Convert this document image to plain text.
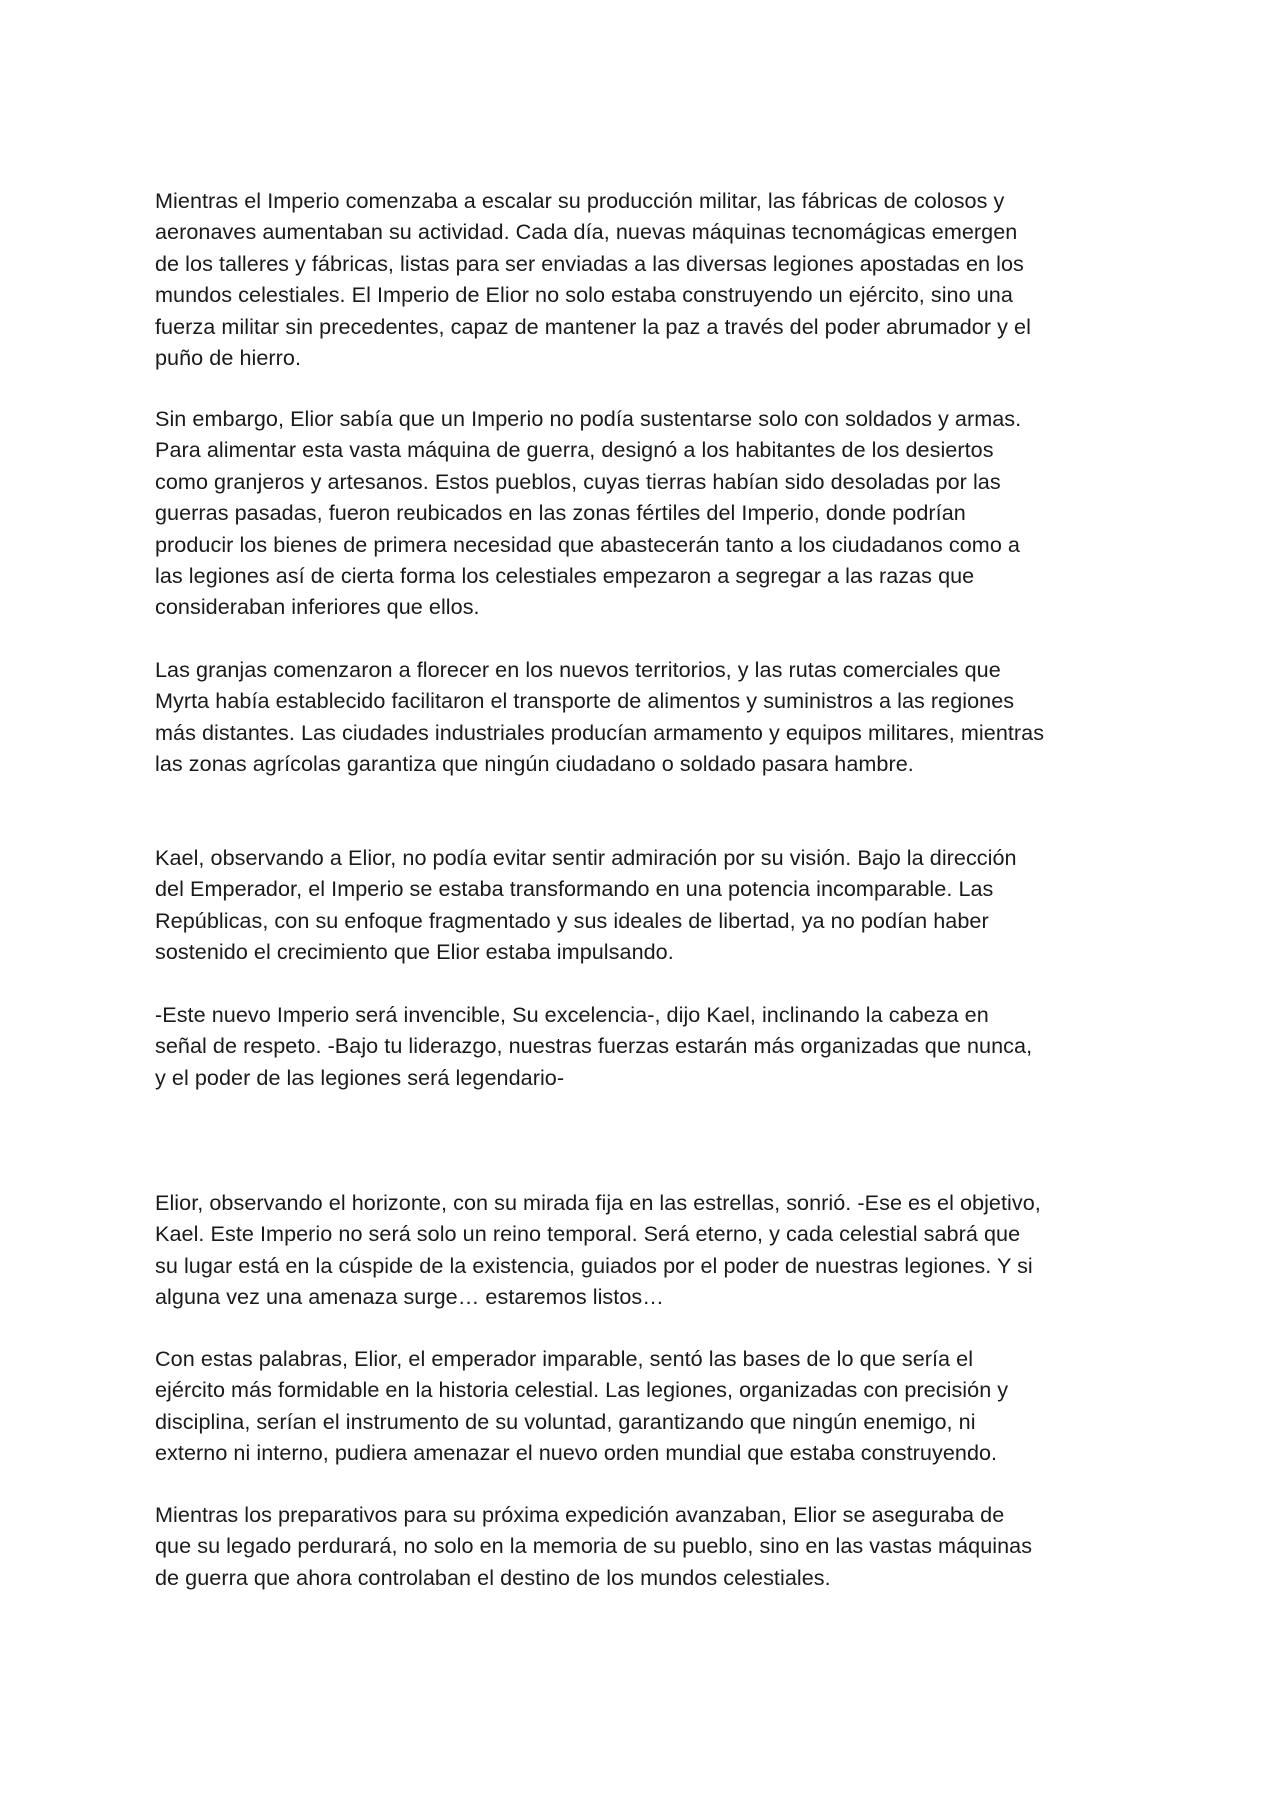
Mientras el Imperio comenzaba a escalar su producción militar, las fábricas de colosos y
aeronaves aumentaban su actividad. Cada día, nuevas máquinas tecnomágicas emergen
de los talleres y fábricas, listas para ser enviadas a las diversas legiones apostadas en los
mundos celestiales. El Imperio de Elior no solo estaba construyendo un ejército, sino una
fuerza militar sin precedentes, capaz de mantener la paz a través del poder abrumador y el
puño de hierro.

Sin embargo, Elior sabía que un Imperio no podía sustentarse solo con soldados y armas.
Para alimentar esta vasta máquina de guerra, designó a los habitantes de los desiertos
como granjeros y artesanos. Estos pueblos, cuyas tierras habían sido desoladas por las
guerras pasadas, fueron reubicados en las zonas fértiles del Imperio, donde podrían
producir los bienes de primera necesidad que abastecerán tanto a los ciudadanos como a
las legiones así de cierta forma los celestiales empezaron a segregar a las razas que
consideraban inferiores que ellos.

Las granjas comenzaron a florecer en los nuevos territorios, y las rutas comerciales que
Myrta había establecido facilitaron el transporte de alimentos y suministros a las regiones
más distantes. Las ciudades industriales producían armamento y equipos militares, mientras
las zonas agrícolas garantiza que ningún ciudadano o soldado pasara hambre.

Kael, observando a Elior, no podía evitar sentir admiración por su visión. Bajo la dirección
del Emperador, el Imperio se estaba transformando en una potencia incomparable. Las
Repúblicas, con su enfoque fragmentado y sus ideales de libertad, ya no podían haber
sostenido el crecimiento que Elior estaba impulsando.

-Este nuevo Imperio será invencible, Su excelencia-, dijo Kael, inclinando la cabeza en
señal de respeto. -Bajo tu liderazgo, nuestras fuerzas estarán más organizadas que nunca,
y el poder de las legiones será legendario-

Elior, observando el horizonte, con su mirada fija en las estrellas, sonrió. -Ese es el objetivo,
Kael. Este Imperio no será solo un reino temporal. Será eterno, y cada celestial sabrá que
su lugar está en la cúspide de la existencia, guiados por el poder de nuestras legiones. Y si
alguna vez una amenaza surge… estaremos listos…

Con estas palabras, Elior, el emperador imparable, sentó las bases de lo que sería el
ejército más formidable en la historia celestial. Las legiones, organizadas con precisión y
disciplina, serían el instrumento de su voluntad, garantizando que ningún enemigo, ni
externo ni interno, pudiera amenazar el nuevo orden mundial que estaba construyendo.

Mientras los preparativos para su próxima expedición avanzaban, Elior se aseguraba de
que su legado perdurará, no solo en la memoria de su pueblo, sino en las vastas máquinas
de guerra que ahora controlaban el destino de los mundos celestiales.
